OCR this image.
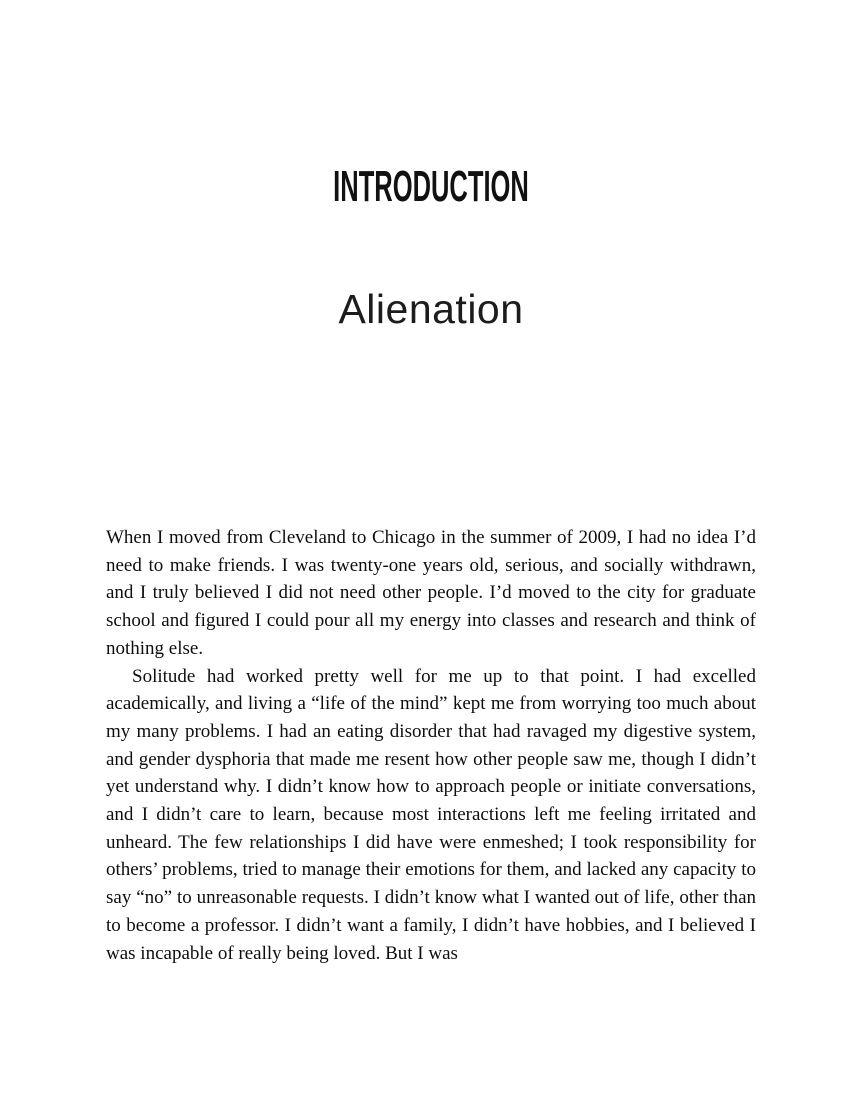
INTRODUCTION
Alienation

When I moved from Cleveland to Chicago in the summer of 2009, I had no idea I’d need to make friends. I was twenty-one years old, serious, and socially withdrawn, and I truly believed I did not need other people. I’d moved to the city for graduate school and figured I could pour all my energy into classes and research and think of nothing else.

Solitude had worked pretty well for me up to that point. I had excelled academically, and living a “life of the mind” kept me from worrying too much about my many problems. I had an eating disorder that had ravaged my digestive system, and gender dysphoria that made me resent how other people saw me, though I didn’t yet understand why. I didn’t know how to approach people or initiate conversations, and I didn’t care to learn, because most interactions left me feeling irritated and unheard. The few relationships I did have were enmeshed; I took responsibility for others’ problems, tried to manage their emotions for them, and lacked any capacity to say “no” to unreasonable requests. I didn’t know what I wanted out of life, other than to become a professor. I didn’t want a family, I didn’t have hobbies, and I believed I was incapable of really being loved. But I was
